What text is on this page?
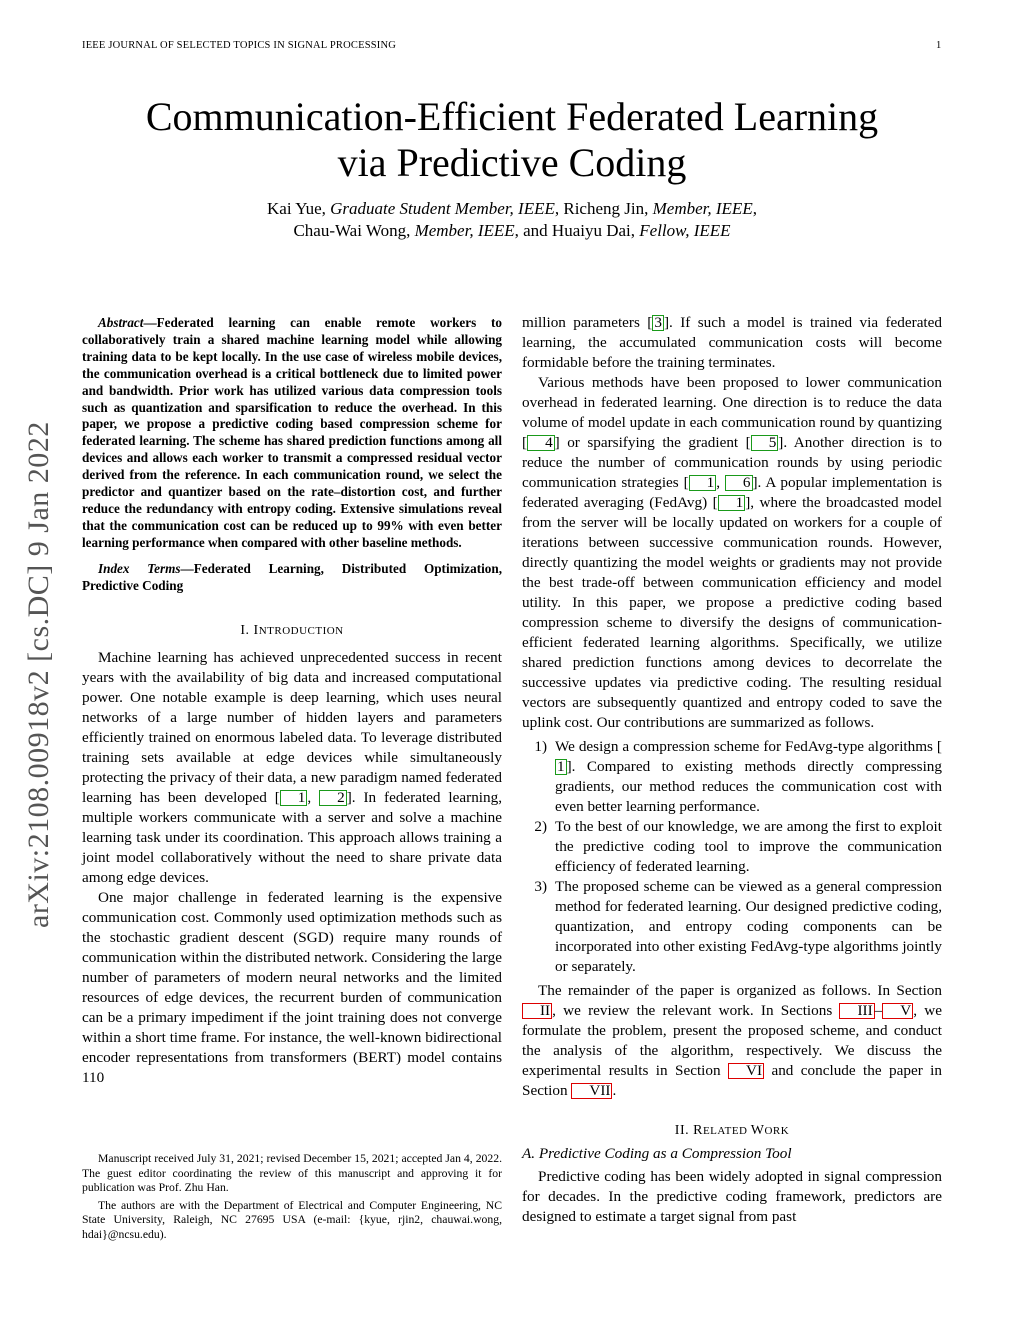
IEEE JOURNAL OF SELECTED TOPICS IN SIGNAL PROCESSING	1
arXiv:2108.00918v2 [cs.DC] 9 Jan 2022
Communication-Efficient Federated Learning
via Predictive Coding
Kai Yue, Graduate Student Member, IEEE, Richeng Jin, Member, IEEE,
Chau-Wai Wong, Member, IEEE, and Huaiyu Dai, Fellow, IEEE

Abstract—Federated learning can enable remote workers to collaboratively train a shared machine learning model while allowing training data to be kept locally. In the use case of wireless mobile devices, the communication overhead is a critical bottleneck due to limited power and bandwidth. Prior work has utilized various data compression tools such as quantization and sparsification to reduce the overhead. In this paper, we propose a predictive coding based compression scheme for federated learning. The scheme has shared prediction functions among all devices and allows each worker to transmit a compressed residual vector derived from the reference. In each communication round, we select the predictor and quantizer based on the rate–distortion cost, and further reduce the redundancy with entropy coding. Extensive simulations reveal that the communication cost can be reduced up to 99% with even better learning performance when compared with other baseline methods.

Index Terms—Federated Learning, Distributed Optimization, Predictive Coding

I. INTRODUCTION

Machine learning has achieved unprecedented success in recent years with the availability of big data and increased computational power. One notable example is deep learning, which uses neural networks of a large number of hidden layers and parameters efficiently trained on enormous labeled data. To leverage distributed training sets available at edge devices while simultaneously protecting the privacy of their data, a new paradigm named federated learning has been developed [ 1 , 2 ]. In federated learning, multiple workers communicate with a server and solve a machine learning task under its coordination. This approach allows training a joint model collaboratively without the need to share private data among edge devices.

One major challenge in federated learning is the expensive communication cost. Commonly used optimization methods such as the stochastic gradient descent (SGD) require many rounds of communication within the distributed network. Considering the large number of parameters of modern neural networks and the limited resources of edge devices, the recurrent burden of communication can be a primary impediment if the joint training does not converge within a short time frame. For instance, the well-known bidirectional encoder representations from transformers (BERT) model contains 110

Manuscript received July 31, 2021; revised December 15, 2021; accepted Jan 4, 2022. The guest editor coordinating the review of this manuscript and approving it for publication was Prof. Zhu Han.

The authors are with the Department of Electrical and Computer Engineering, NC State University, Raleigh, NC 27695 USA (e-mail: {kyue, rjin2, chauwai.wong, hdai}@ncsu.edu).

million parameters [ 3 ]. If such a model is trained via federated learning, the accumulated communication costs will become formidable before the training terminates.

Various methods have been proposed to lower communication overhead in federated learning. One direction is to reduce the data volume of model update in each communication round by quantizing [ 4 ] or sparsifying the gradient [ 5 ]. Another direction is to reduce the number of communication rounds by using periodic communication strategies [ 1 , 6 ]. A popular implementation is federated averaging (FedAvg) [ 1 ], where the broadcasted model from the server will be locally updated on workers for a couple of iterations between successive communication rounds. However, directly quantizing the model weights or gradients may not provide the best trade-off between communication efficiency and model utility. In this paper, we propose a predictive coding based compression scheme to diversify the designs of communication-efficient federated learning algorithms. Specifically, we utilize shared prediction functions among devices to decorrelate the successive updates via predictive coding. The resulting residual vectors are subsequently quantized and entropy coded to save the uplink cost. Our contributions are summarized as follows.

1) We design a compression scheme for FedAvg-type algorithms [1 ]. Compared to existing methods directly compressing gradients, our method reduces the communication cost with even better learning performance.
2) To the best of our knowledge, we are among the first to exploit the predictive coding tool to improve the communication efficiency of federated learning.
3) The proposed scheme can be viewed as a general compression method for federated learning. Our designed predictive coding, quantization, and entropy coding components can be incorporated into other existing FedAvg-type algorithms jointly or separately.

The remainder of the paper is organized as follows. In Section II , we review the relevant work. In Sections III – V , we formulate the problem, present the proposed scheme, and conduct the analysis of the algorithm, respectively. We discuss the experimental results in Section VI and conclude the paper in Section VII .

II. RELATED WORK
A. Predictive Coding as a Compression Tool

Predictive coding has been widely adopted in signal compression for decades. In the predictive coding framework, predictors are designed to estimate a target signal from past
